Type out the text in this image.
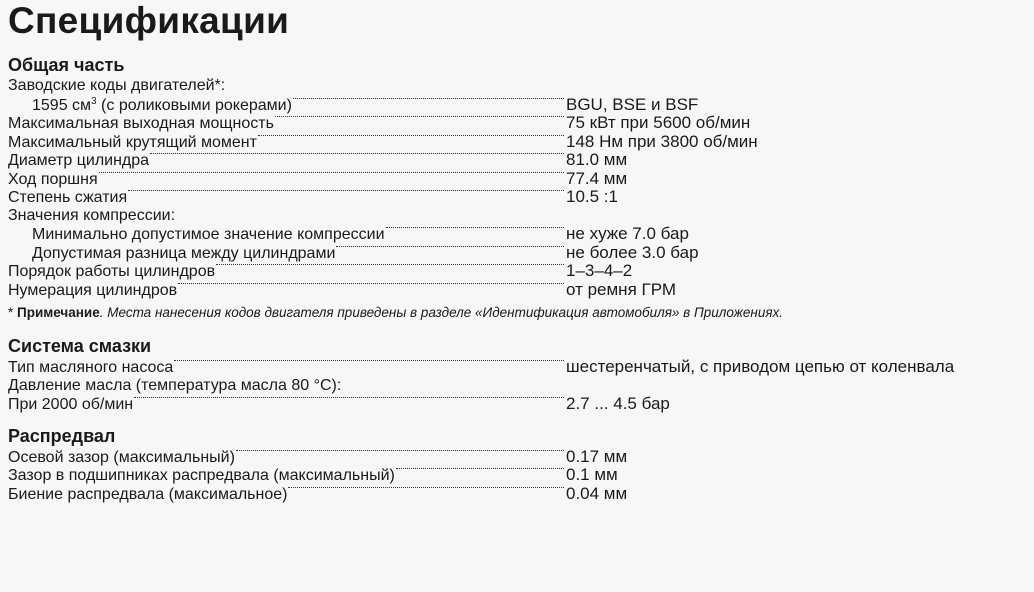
Спецификации
Общая часть
Заводские коды двигателей*:
1595 $см^3$ (с роликовыми рокерами)	BGU, BSE и BSF
Максимальная выходная мощность	75 кВт при 5600 об/мин
Максимальный крутящий момент	148 Нм при 3800 об/мин
Диаметр цилиндра	81.0 мм
Ход поршня	77.4 мм
Степень сжатия	10.5 :1
Значения компрессии:
Минимально допустимое значение компрессии	не хуже 7.0 бар
Допустимая разница между цилиндрами	не более 3.0 бар
Порядок работы цилиндров	1–3–4–2
Нумерация цилиндров	от ремня ГРМ
* Примечание. Места нанесения кодов двигателя приведены в разделе «Идентификация автомобиля» в Приложениях.
Система смазки
Тип масляного насоса	шестеренчатый, с приводом цепью от коленвала
Давление масла (температура масла 80 °С):
При 2000 об/мин	2.7 ... 4.5 бар
Распредвал
Осевой зазор (максимальный)	0.17 мм
Зазор в подшипниках распредвала (максимальный)	0.1 мм
Биение распредвала (максимальное)	0.04 мм
